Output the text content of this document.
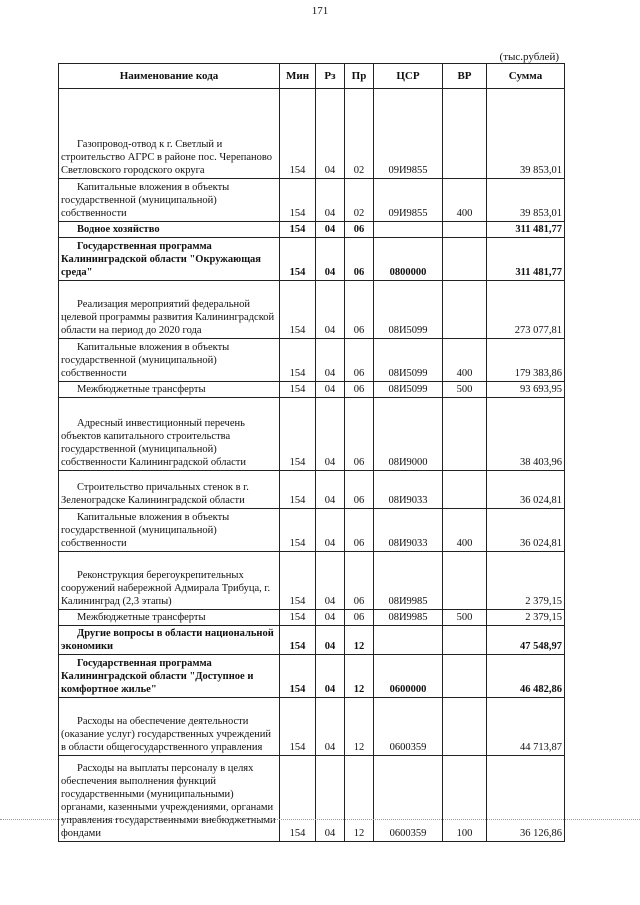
171
(тыс.рублей)
Наименование кода	Мин	Рз	Пр	ЦСР	ВР	Сумма
Газопровод-отвод к г. Светлый и строительство АГРС в районе пос. Черепаново Светловского городского округа	154	04	02	09И9855		39 853,01
Капитальные вложения в объекты государственной (муниципальной) собственности	154	04	02	09И9855	400	39 853,01
Водное хозяйство	154	04	06			311 481,77
Государственная программа Калининградской области "Окружающая среда"	154	04	06	0800000		311 481,77
Реализация мероприятий федеральной целевой программы развития Калининградской области на период до 2020 года	154	04	06	08И5099		273 077,81
Капитальные вложения в объекты государственной (муниципальной) собственности	154	04	06	08И5099	400	179 383,86
Межбюджетные трансферты	154	04	06	08И5099	500	93 693,95
Адресный инвестиционный перечень объектов капитального строительства государственной (муниципальной) собственности Калининградской области	154	04	06	08И9000		38 403,96
Строительство причальных стенок в г. Зеленоградске Калининградской области	154	04	06	08И9033		36 024,81
Капитальные вложения в объекты государственной (муниципальной) собственности	154	04	06	08И9033	400	36 024,81
Реконструкция берегоукрепительных сооружений набережной Адмирала Трибуца, г. Калининград (2,3 этапы)	154	04	06	08И9985		2 379,15
Межбюджетные трансферты	154	04	06	08И9985	500	2 379,15
Другие вопросы в области национальной экономики	154	04	12			47 548,97
Государственная программа Калининградской области "Доступное и комфортное жилье"	154	04	12	0600000		46 482,86
Расходы на обеспечение деятельности (оказание услуг) государственных учреждений в области общегосударственного управления	154	04	12	0600359		44 713,87
Расходы на выплаты персоналу в целях обеспечения выполнения функций государственными (муниципальными) органами, казенными учреждениями, органами управления государственными внебюджетными фондами	154	04	12	0600359	100	36 126,86
